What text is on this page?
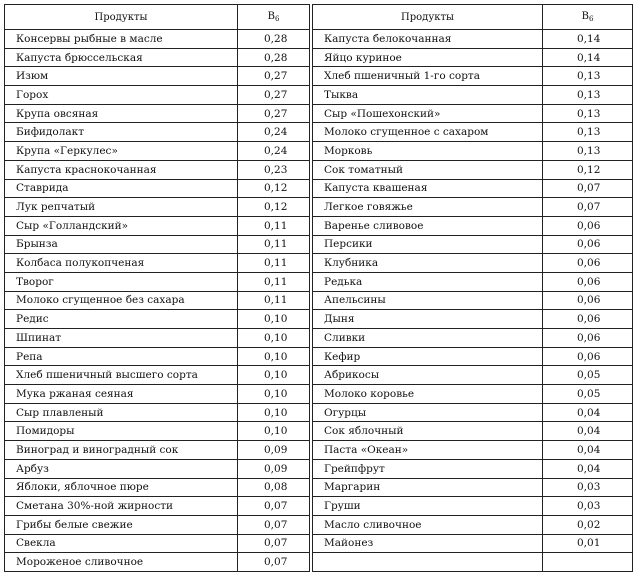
Продукты	$B_6$
Консервы рыбные в масле	0,28
Капуста брюссельская	0,28
Изюм	0,27
Горох	0,27
Крупа овсяная	0,27
Бифидолакт	0,24
Крупа «Геркулес»	0,24
Капуста краснокочанная	0,23
Ставрида	0,12
Лук репчатый	0,12
Сыр «Голландский»	0,11
Брынза	0,11
Колбаса полукопченая	0,11
Творог	0,11
Молоко сгущенное без сахара	0,11
Редис	0,10
Шпинат	0,10
Репа	0,10
Хлеб пшеничный высшего сорта	0,10
Мука ржаная сеяная	0,10
Сыр плавленый	0,10
Помидоры	0,10
Виноград и виноградный сок	0,09
Арбуз	0,09
Яблоки, яблочное пюре	0,08
Сметана 30%-ной жирности	0,07
Грибы белые свежие	0,07
Свекла	0,07
Мороженое сливочное	0,07
Продукты	$B_6$
Капуста белокочанная	0,14
Яйцо куриное	0,14
Хлеб пшеничный 1-го сорта	0,13
Тыква	0,13
Сыр «Пошехонский»	0,13
Молоко сгущенное с сахаром	0,13
Морковь	0,13
Сок томатный	0,12
Капуста квашеная	0,07
Легкое говяжье	0,07
Варенье сливовое	0,06
Персики	0,06
Клубника	0,06
Редька	0,06
Апельсины	0,06
Дыня	0,06
Сливки	0,06
Кефир	0,06
Абрикосы	0,05
Молоко коровье	0,05
Огурцы	0,04
Сок яблочный	0,04
Паста «Океан»	0,04
Грейпфрут	0,04
Маргарин	0,03
Груши	0,03
Масло сливочное	0,02
Майонез	0,01
